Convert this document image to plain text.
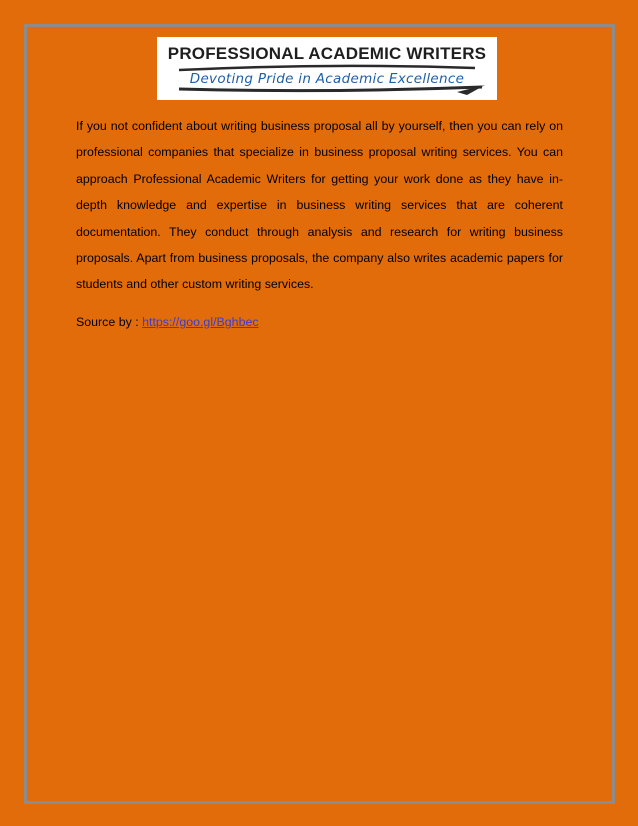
PROFESSIONAL ACADEMIC WRITERS
Devoting Pride in Academic Excellence

If you not confident about writing business proposal all by yourself, then you can rely on professional companies that specialize in business proposal writing services. You can approach Professional Academic Writers for getting your work done as they have in-depth knowledge and expertise in business writing services that are coherent documentation. They conduct through analysis and research for writing business proposals. Apart from business proposals, the company also writes academic papers for students and other custom writing services.

Source by : https://goo.gl/Bghbec
